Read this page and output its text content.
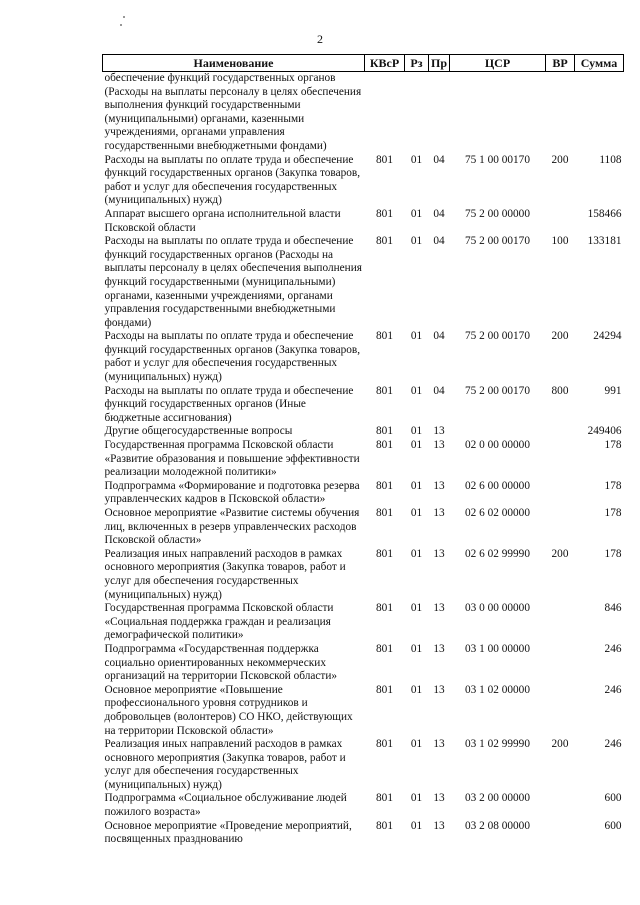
2
Наименование	КВсР	Рз	Пр	ЦСР	ВР	Сумма
обеспечение функций государственных органов (Расходы на выплаты персоналу в целях обеспечения выполнения функций государственными (муниципальными) органами, казенными учреждениями, органами управления государственными внебюджетными фондами)						
Расходы на выплаты по оплате труда и обеспечение функций государственных органов (Закупка товаров, работ и услуг для обеспечения государственных (муниципальных) нужд)	801	01	04	75 1 00 00170	200	1108
Аппарат высшего органа исполнительной власти Псковской области	801	01	04	75 2 00 00000		158466
Расходы на выплаты по оплате труда и обеспечение функций государственных органов (Расходы на выплаты персоналу в целях обеспечения выполнения функций государственными (муниципальными) органами, казенными учреждениями, органами управления государственными внебюджетными фондами)	801	01	04	75 2 00 00170	100	133181
Расходы на выплаты по оплате труда и обеспечение функций государственных органов (Закупка товаров, работ и услуг для обеспечения государственных (муниципальных) нужд)	801	01	04	75 2 00 00170	200	24294
Расходы на выплаты по оплате труда и обеспечение функций государственных органов (Иные бюджетные ассигнования)	801	01	04	75 2 00 00170	800	991
Другие общегосударственные вопросы	801	01	13			249406
Государственная программа Псковской области «Развитие образования и повышение эффективности реализации молодежной политики»	801	01	13	02 0 00 00000		178
Подпрограмма «Формирование и подготовка резерва управленческих кадров в Псковской области»	801	01	13	02 6 00 00000		178
Основное мероприятие «Развитие системы обучения лиц, включенных в резерв управленческих расходов Псковской области»	801	01	13	02 6 02 00000		178
Реализация иных направлений расходов в рамках основного мероприятия (Закупка товаров, работ и услуг для обеспечения государственных (муниципальных) нужд)	801	01	13	02 6 02 99990	200	178
Государственная программа Псковской области «Социальная поддержка граждан и реализация демографической политики»	801	01	13	03 0 00 00000		846
Подпрограмма «Государственная поддержка социально ориентированных некоммерческих организаций на территории Псковской области»	801	01	13	03 1 00 00000		246
Основное мероприятие «Повышение профессионального уровня сотрудников и добровольцев (волонтеров) СО НКО, действующих на территории Псковской области»	801	01	13	03 1 02 00000		246
Реализация иных направлений расходов в рамках основного мероприятия (Закупка товаров, работ и услуг для обеспечения государственных (муниципальных) нужд)	801	01	13	03 1 02 99990	200	246
Подпрограмма «Социальное обслуживание людей пожилого возраста»	801	01	13	03 2 00 00000		600
Основное мероприятие «Проведение мероприятий, посвященных празднованию	801	01	13	03 2 08 00000		600
